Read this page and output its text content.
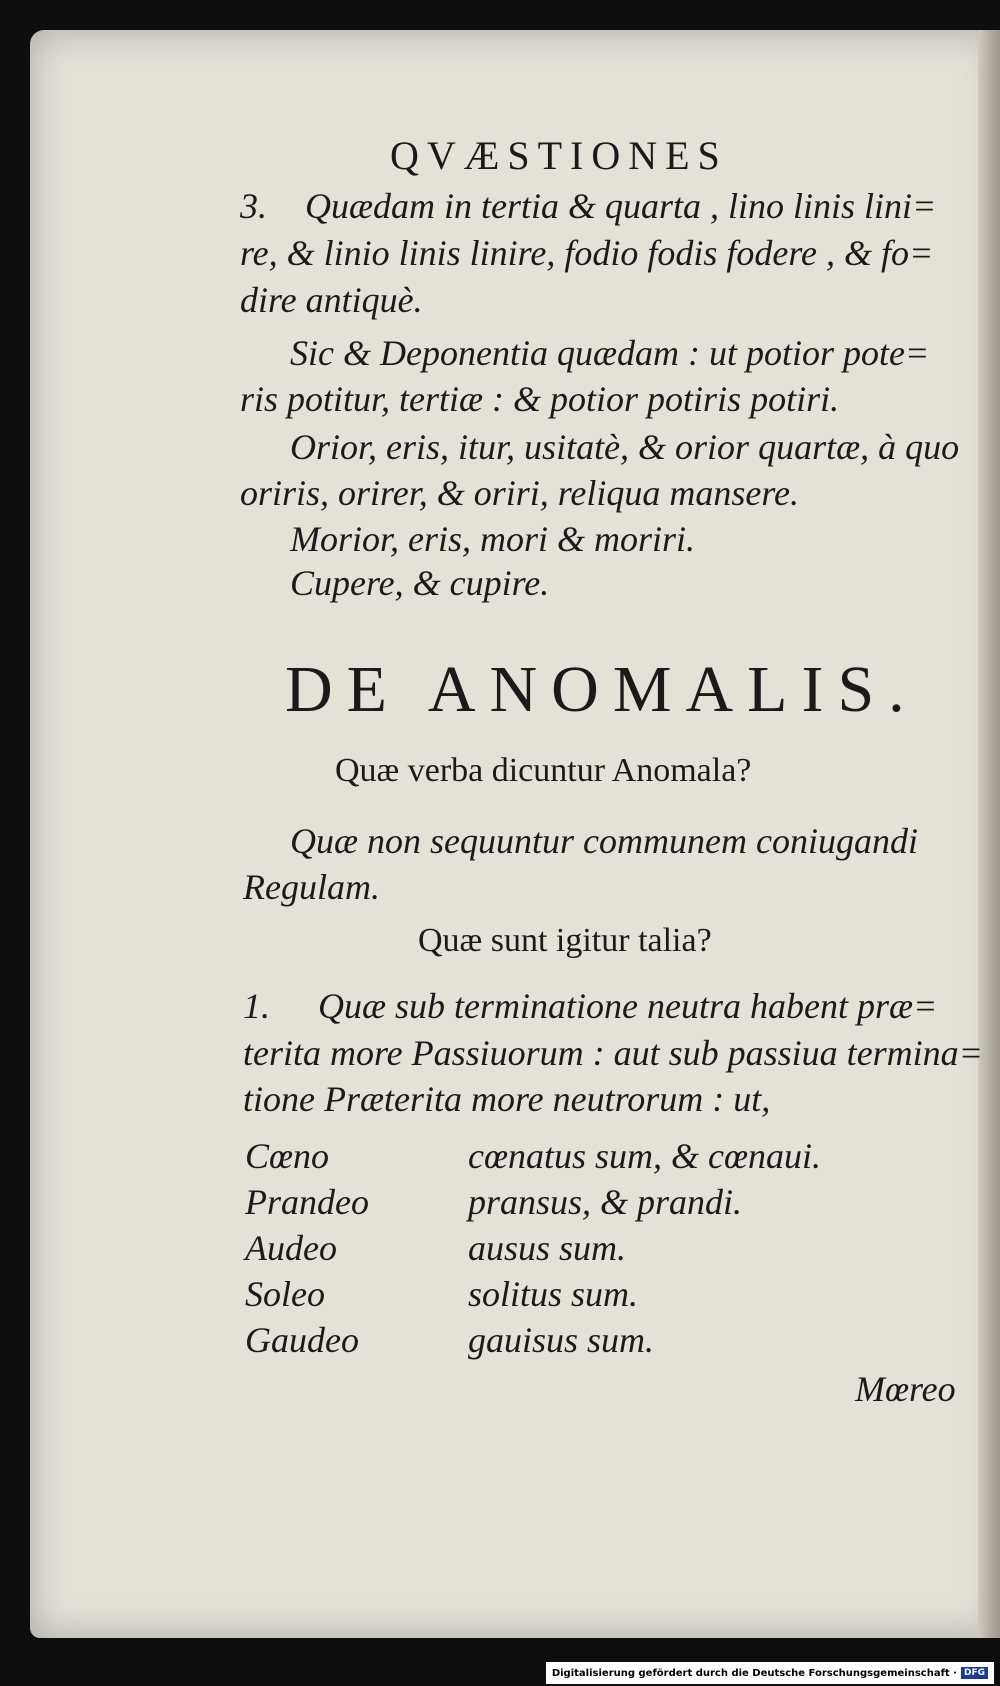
QVÆSTIONES
3. Quædam in tertia & quarta , lino linis lini=
re, & linio linis linire, fodio fodis fodere , & fo=
dire antiquè.
Sic & Deponentia quædam : ut potior pote=
ris potitur, tertiæ : & potior potiris potiri.
Orior, eris, itur, usitatè, & orior quartæ, à quo
oriris, orirer, & oriri, reliqua mansere.
Morior, eris, mori & moriri.
Cupere, & cupire.
DE ANOMALIS.
Quæ verba dicuntur Anomala?
Quæ non sequuntur communem coniugandi
Regulam.
Quæ sunt igitur talia?
1. Quæ sub terminatione neutra habent præ=
terita more Passiuorum : aut sub passiua termina=
tione Præterita more neutrorum : ut,
Cœno	cœnatus sum, & cœnaui.
Prandeo	pransus, & prandi.
Audeo	ausus sum.
Soleo	solitus sum.
Gaudeo	gauisus sum.
Mœreo
Digitalisierung gefördert durch die Deutsche Forschungsgemeinschaft · DFG
